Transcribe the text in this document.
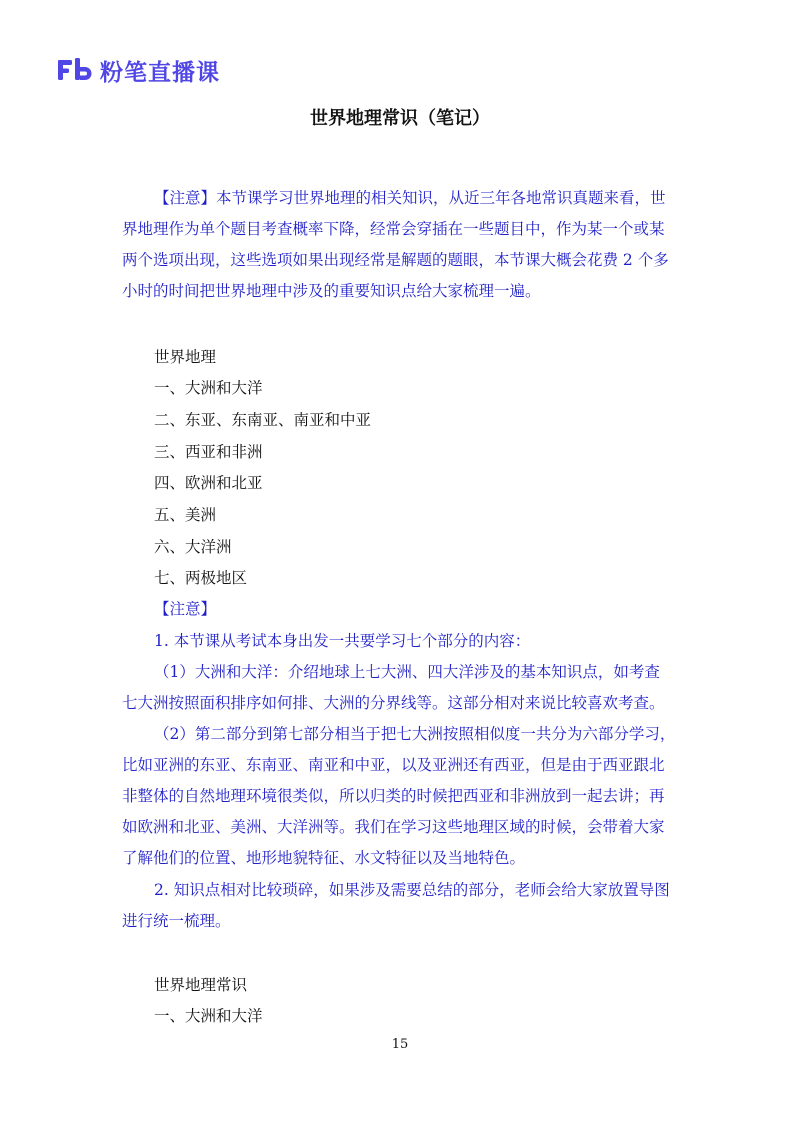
粉笔直播课
世界地理常识（笔记）
【注意】本节课学习世界地理的相关知识，从近三年各地常识真题来看，世
界地理作为单个题目考查概率下降，经常会穿插在一些题目中，作为某一个或某
两个选项出现，这些选项如果出现经常是解题的题眼，本节课大概会花费 2 个多
小时的时间把世界地理中涉及的重要知识点给大家梳理一遍。
世界地理
一、大洲和大洋
二、东亚、东南亚、南亚和中亚
三、西亚和非洲
四、欧洲和北亚
五、美洲
六、大洋洲
七、两极地区
【注意】
1. 本节课从考试本身出发一共要学习七个部分的内容：
（1）大洲和大洋：介绍地球上七大洲、四大洋涉及的基本知识点，如考查
七大洲按照面积排序如何排、大洲的分界线等。这部分相对来说比较喜欢考查。
（2）第二部分到第七部分相当于把七大洲按照相似度一共分为六部分学习，
比如亚洲的东亚、东南亚、南亚和中亚，以及亚洲还有西亚，但是由于西亚跟北
非整体的自然地理环境很类似，所以归类的时候把西亚和非洲放到一起去讲；再
如欧洲和北亚、美洲、大洋洲等。我们在学习这些地理区域的时候，会带着大家
了解他们的位置、地形地貌特征、水文特征以及当地特色。
2. 知识点相对比较琐碎，如果涉及需要总结的部分，老师会给大家放置导图
进行统一梳理。
世界地理常识
一、大洲和大洋
15
